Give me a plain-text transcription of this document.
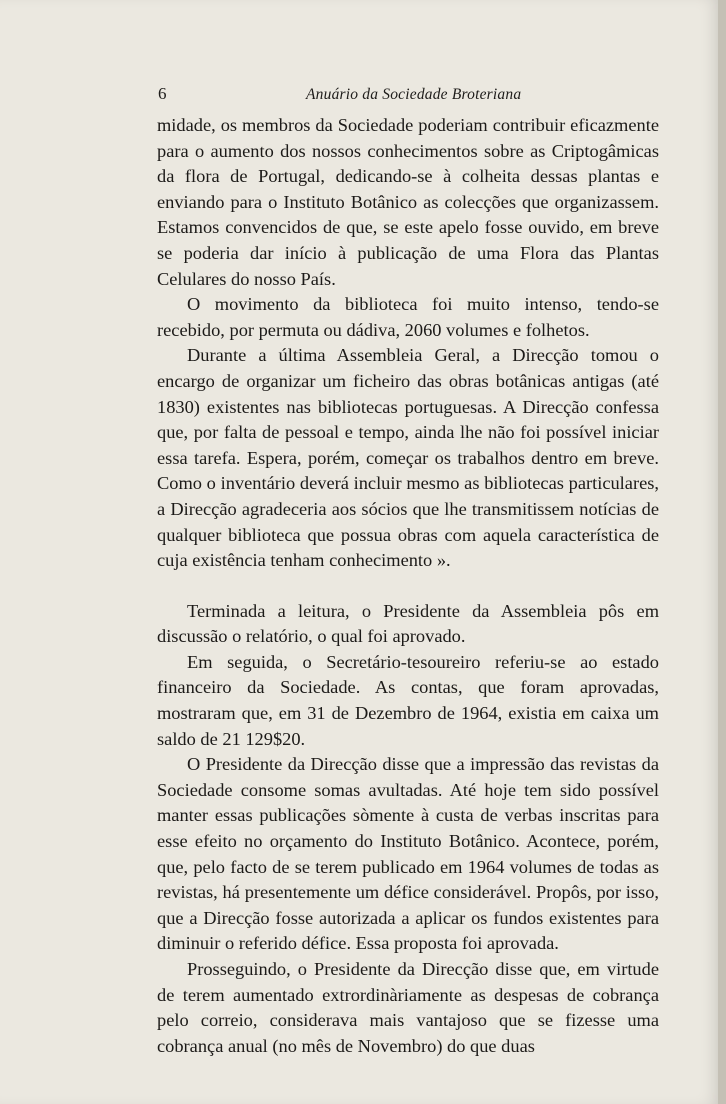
6	Anuário da Sociedade Broteriana

midade, os membros da Sociedade poderiam contribuir eficazmente para o aumento dos nossos conhecimentos sobre as Criptogâmicas da flora de Portugal, dedicando-se à colheita dessas plantas e enviando para o Instituto Botânico as colecções que organizassem. Estamos convencidos de que, se este apelo fosse ouvido, em breve se poderia dar início à publicação de uma Flora das Plantas Celulares do nosso País.

O movimento da biblioteca foi muito intenso, tendo-se recebido, por permuta ou dádiva, 2060 volumes e folhetos.

Durante a última Assembleia Geral, a Direcção tomou o encargo de organizar um ficheiro das obras botânicas antigas (até 1830) existentes nas bibliotecas portuguesas. A Direcção confessa que, por falta de pessoal e tempo, ainda lhe não foi possível iniciar essa tarefa. Espera, porém, começar os trabalhos dentro em breve. Como o inventário deverá incluir mesmo as bibliotecas particulares, a Direcção agradeceria aos sócios que lhe transmitissem notícias de qualquer biblioteca que possua obras com aquela característica de cuja existência tenham conhecimento ».

Terminada a leitura, o Presidente da Assembleia pôs em discussão o relatório, o qual foi aprovado.

Em seguida, o Secretário-tesoureiro referiu-se ao estado financeiro da Sociedade. As contas, que foram aprovadas, mostraram que, em 31 de Dezembro de 1964, existia em caixa um saldo de 21 129$20.

O Presidente da Direcção disse que a impressão das revistas da Sociedade consome somas avultadas. Até hoje tem sido possível manter essas publicações sòmente à custa de verbas inscritas para esse efeito no orçamento do Instituto Botânico. Acontece, porém, que, pelo facto de se terem publicado em 1964 volumes de todas as revistas, há presentemente um défice considerável. Propôs, por isso, que a Direcção fosse autorizada a aplicar os fundos existentes para diminuir o referido défice. Essa proposta foi aprovada.

Prosseguindo, o Presidente da Direcção disse que, em virtude de terem aumentado extrordinàriamente as despesas de cobrança pelo correio, considerava mais vantajoso que se fizesse uma cobrança anual (no mês de Novembro) do que duas
